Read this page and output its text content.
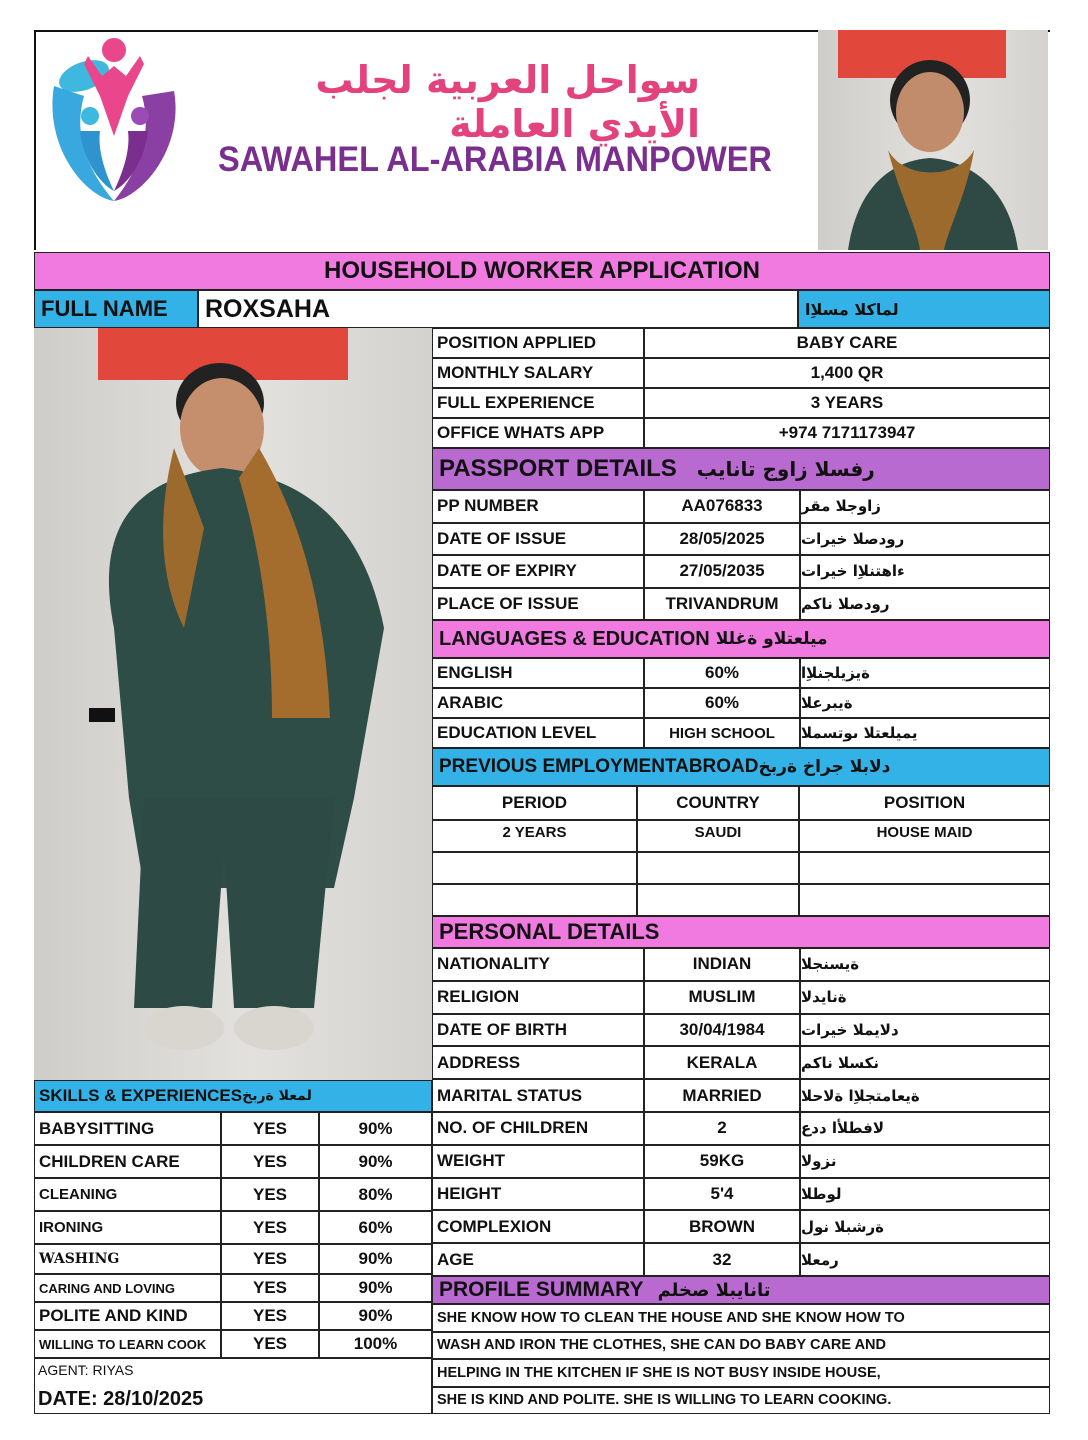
سواحل العربية لجلب الأيدي العاملة
SAWAHEL AL-ARABIA MANPOWER
HOUSEHOLD WORKER APPLICATION
FULL NAME	ROXSAHA	لماكلا مسلاِا
POSITION APPLIED	BABY CARE
MONTHLY SALARY	1,400 QR
FULL EXPERIENCE	3 YEARS
OFFICE WHATS APP	+974 7171173947
PASSPORT DETAILS رفسلا زاوج تانايب
PP NUMBER	AA076833	زاوجلا مقر
DATE OF ISSUE	28/05/2025	رودصلا خيرات
DATE OF EXPIRY	27/05/2035	ءاهتنلاِا خيرات
PLACE OF ISSUE	TRIVANDRUM	رودصلا ناكم
LANGUAGES & EDUCATION ميلعتلاو ةغللا
ENGLISH	60%	ةيزيلجنلاِا
ARABIC	60%	ةيبرعلا
EDUCATION LEVEL	HIGH SCHOOL	يميلعتلا ىوتسملا
PREVIOUS EMPLOYMENTABROAD دلابلا جراخ ةربخ
PERIOD	COUNTRY	POSITION
2 YEARS	SAUDI	HOUSE MAID
PERSONAL DETAILS
NATIONALITY	INDIAN	ةيسنجلا
RELIGION	MUSLIM	ةنايدلا
DATE OF BIRTH	30/04/1984	دلايملا خيرات
ADDRESS	KERALA	نكسلا ناكم
MARITAL STATUS	MARRIED	ةيعامتجلاِا ةلاحلا
NO. OF CHILDREN	2	لافطلأا ددع
WEIGHT	59KG	نزولا
HEIGHT	5'4	لوطلا
COMPLEXION	BROWN	ةرشبلا نول
AGE	32	رمعلا
PROFILE SUMMARY تانايبلا صخلم
SHE KNOW HOW TO CLEAN THE HOUSE AND SHE KNOW HOW TO
WASH AND IRON THE CLOTHES, SHE CAN DO BABY CARE AND
HELPING IN THE KITCHEN IF SHE IS NOT BUSY INSIDE HOUSE,
SHE IS KIND AND POLITE. SHE IS WILLING TO LEARN COOKING.
SKILLS & EXPERIENCES لمعلا ةربخ
BABYSITTING	YES	90%
CHILDREN CARE	YES	90%
CLEANING	YES	80%
IRONING	YES	60%
WASHING	YES	90%
CARING AND LOVING	YES	90%
POLITE AND KIND	YES	90%
WILLING TO LEARN COOK	YES	100%
AGENT: RIYAS
DATE: 28/10/2025
